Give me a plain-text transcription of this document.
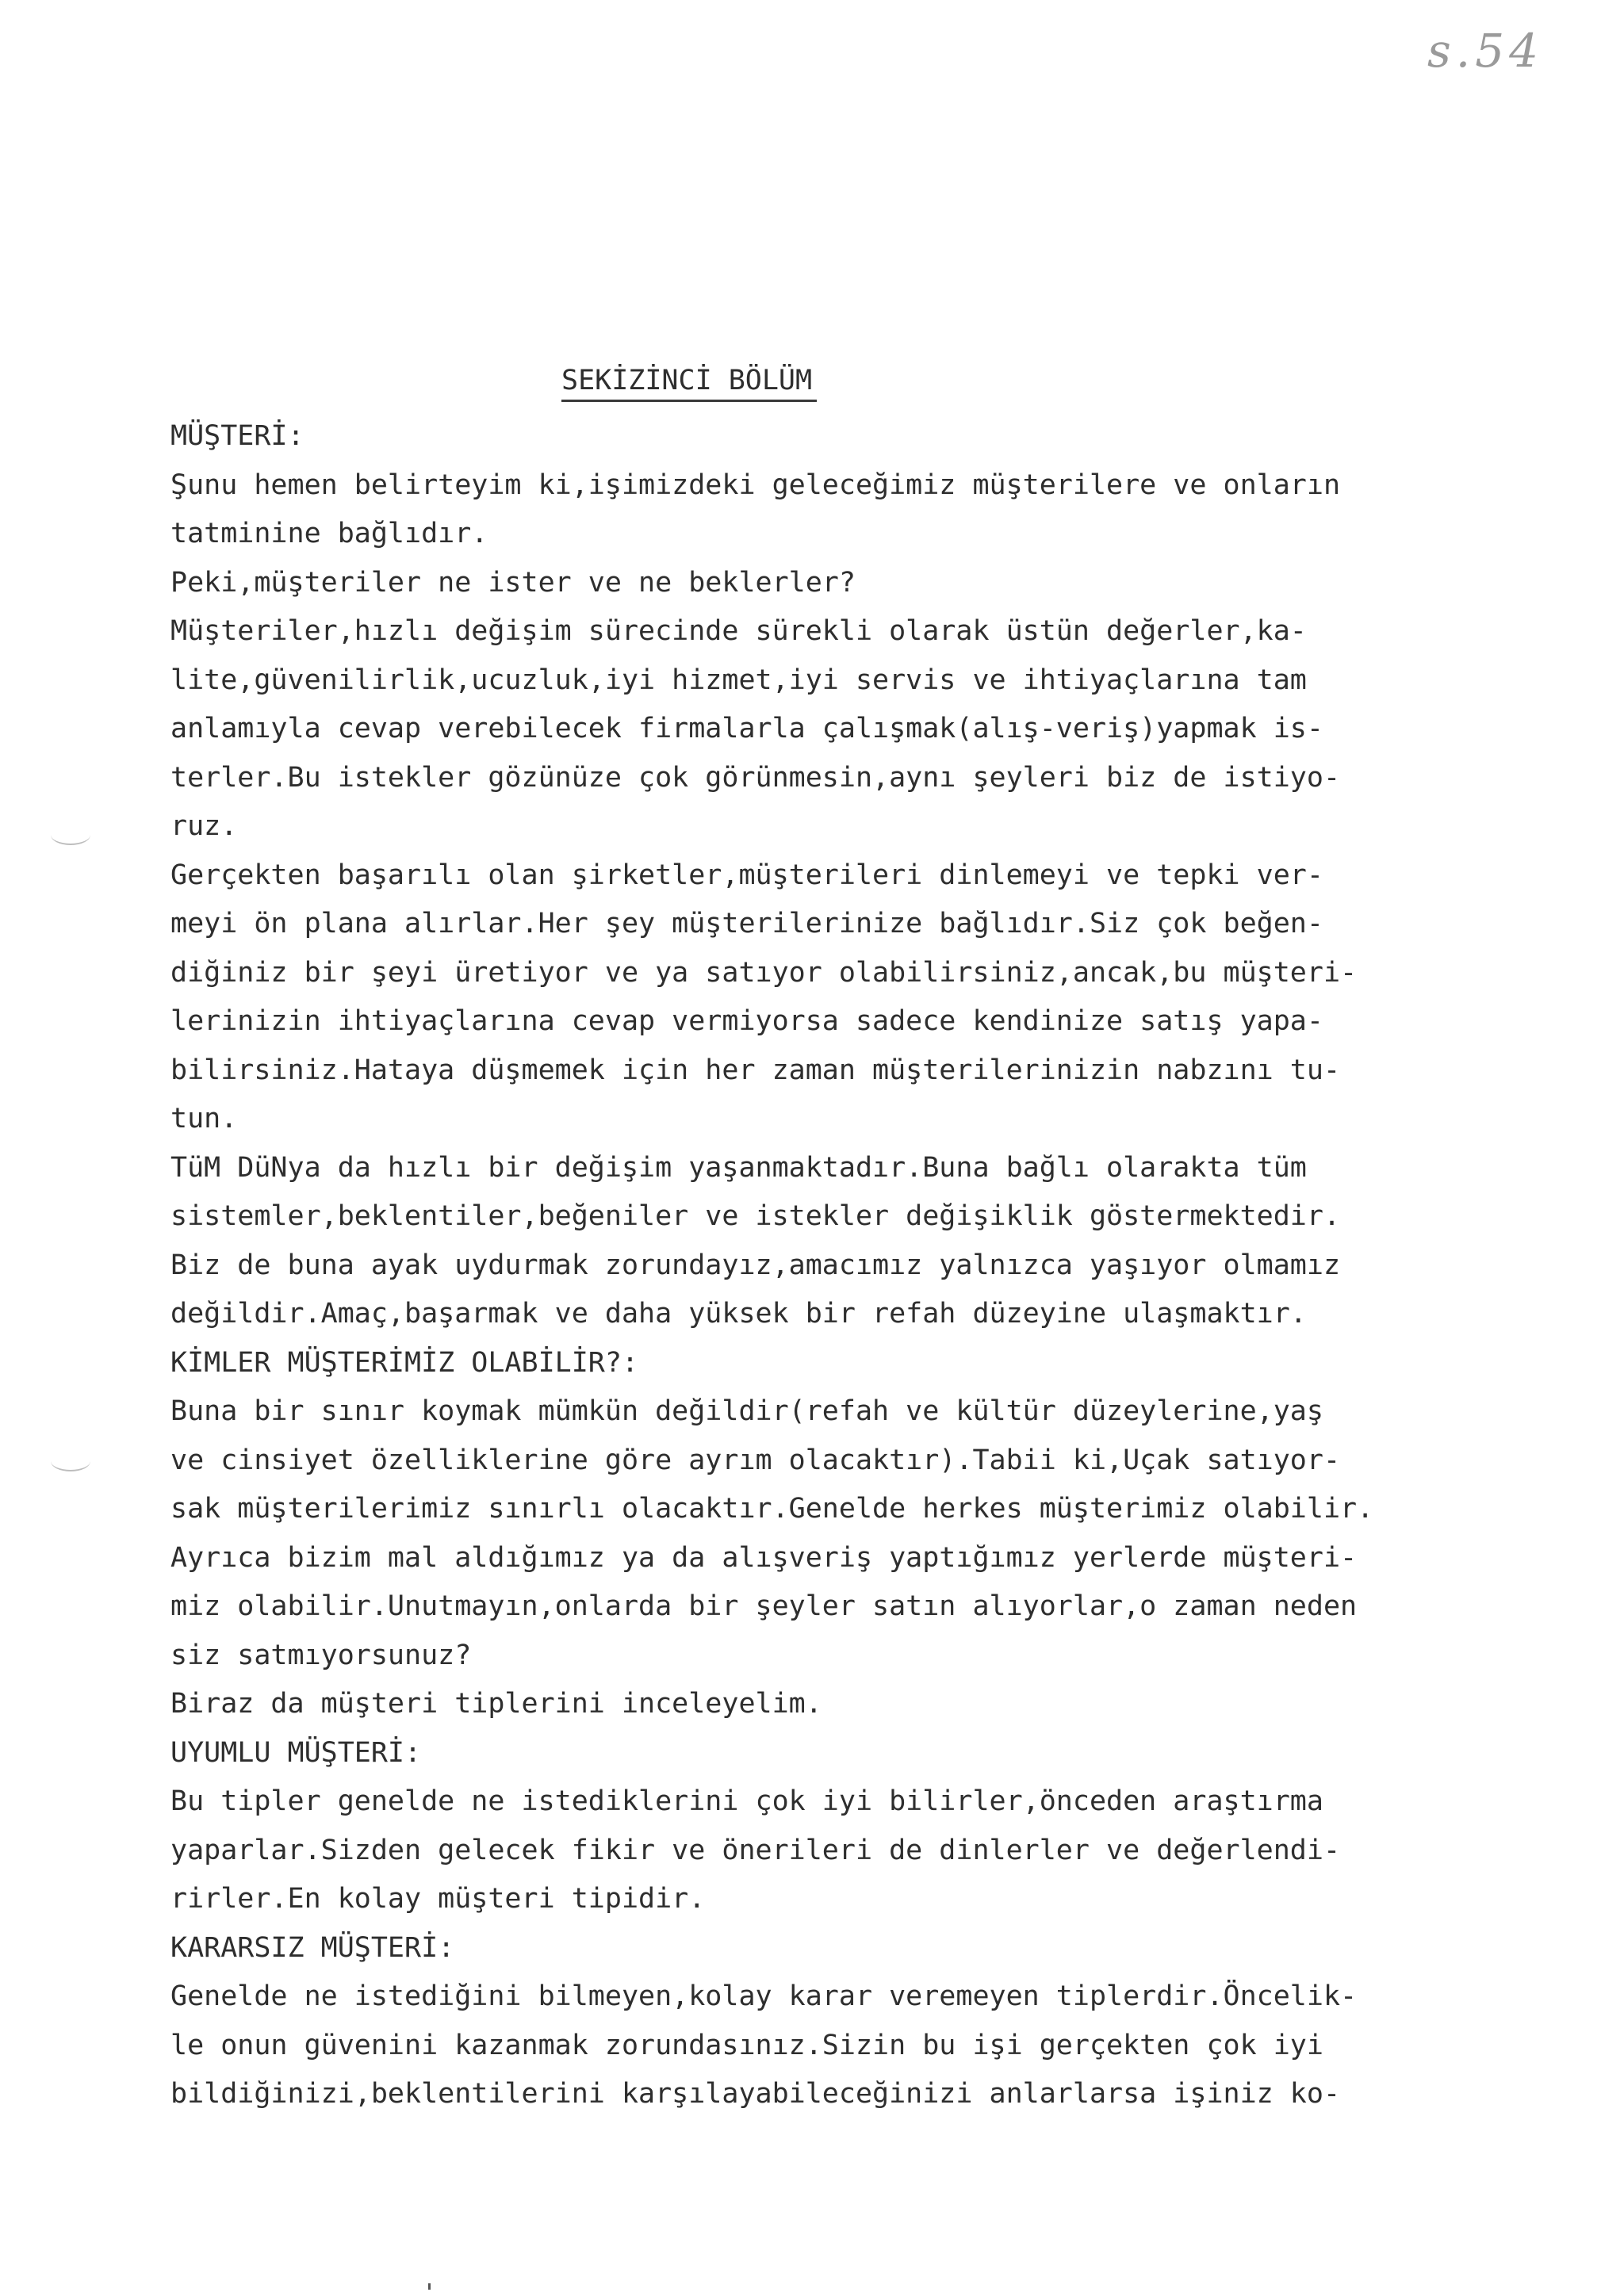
s.54
SEKİZİNCİ BÖLÜM
MÜŞTERİ:
Şunu hemen belirteyim ki,işimizdeki geleceğimiz müşterilere ve onların
tatminine bağlıdır.
Peki,müşteriler ne ister ve ne beklerler?
Müşteriler,hızlı değişim sürecinde sürekli olarak üstün değerler,ka-
lite,güvenilirlik,ucuzluk,iyi hizmet,iyi servis ve ihtiyaçlarına tam
anlamıyla cevap verebilecek firmalarla çalışmak(alış-veriş)yapmak is-
terler.Bu istekler gözünüze çok görünmesin,aynı şeyleri biz de istiyo-
ruz.
Gerçekten başarılı olan şirketler,müşterileri dinlemeyi ve tepki ver-
meyi ön plana alırlar.Her şey müşterilerinize bağlıdır.Siz çok beğen-
diğiniz bir şeyi üretiyor ve ya satıyor olabilirsiniz,ancak,bu müşteri-
lerinizin ihtiyaçlarına cevap vermiyorsa sadece kendinize satış yapa-
bilirsiniz.Hataya düşmemek için her zaman müşterilerinizin nabzını tu-
tun.
TüM DüNya da hızlı bir değişim yaşanmaktadır.Buna bağlı olarakta tüm
sistemler,beklentiler,beğeniler ve istekler değişiklik göstermektedir.
Biz de buna ayak uydurmak zorundayız,amacımız yalnızca yaşıyor olmamız
değildir.Amaç,başarmak ve daha yüksek bir refah düzeyine ulaşmaktır.
KİMLER MÜŞTERİMİZ OLABİLİR?:
Buna bir sınır koymak mümkün değildir(refah ve kültür düzeylerine,yaş
ve cinsiyet özelliklerine göre ayrım olacaktır).Tabii ki,Uçak satıyor-
sak müşterilerimiz sınırlı olacaktır.Genelde herkes müşterimiz olabilir.
Ayrıca bizim mal aldığımız ya da alışveriş yaptığımız yerlerde müşteri-
miz olabilir.Unutmayın,onlarda bir şeyler satın alıyorlar,o zaman neden
siz satmıyorsunuz?
Biraz da müşteri tiplerini inceleyelim.
UYUMLU MÜŞTERİ:
Bu tipler genelde ne istediklerini çok iyi bilirler,önceden araştırma
yaparlar.Sizden gelecek fikir ve önerileri de dinlerler ve değerlendi-
rirler.En kolay müşteri tipidir.
KARARSIZ MÜŞTERİ:
Genelde ne istediğini bilmeyen,kolay karar veremeyen tiplerdir.Öncelik-
le onun güvenini kazanmak zorundasınız.Sizin bu işi gerçekten çok iyi
bildiğinizi,beklentilerini karşılayabileceğinizi anlarlarsa işiniz ko-
